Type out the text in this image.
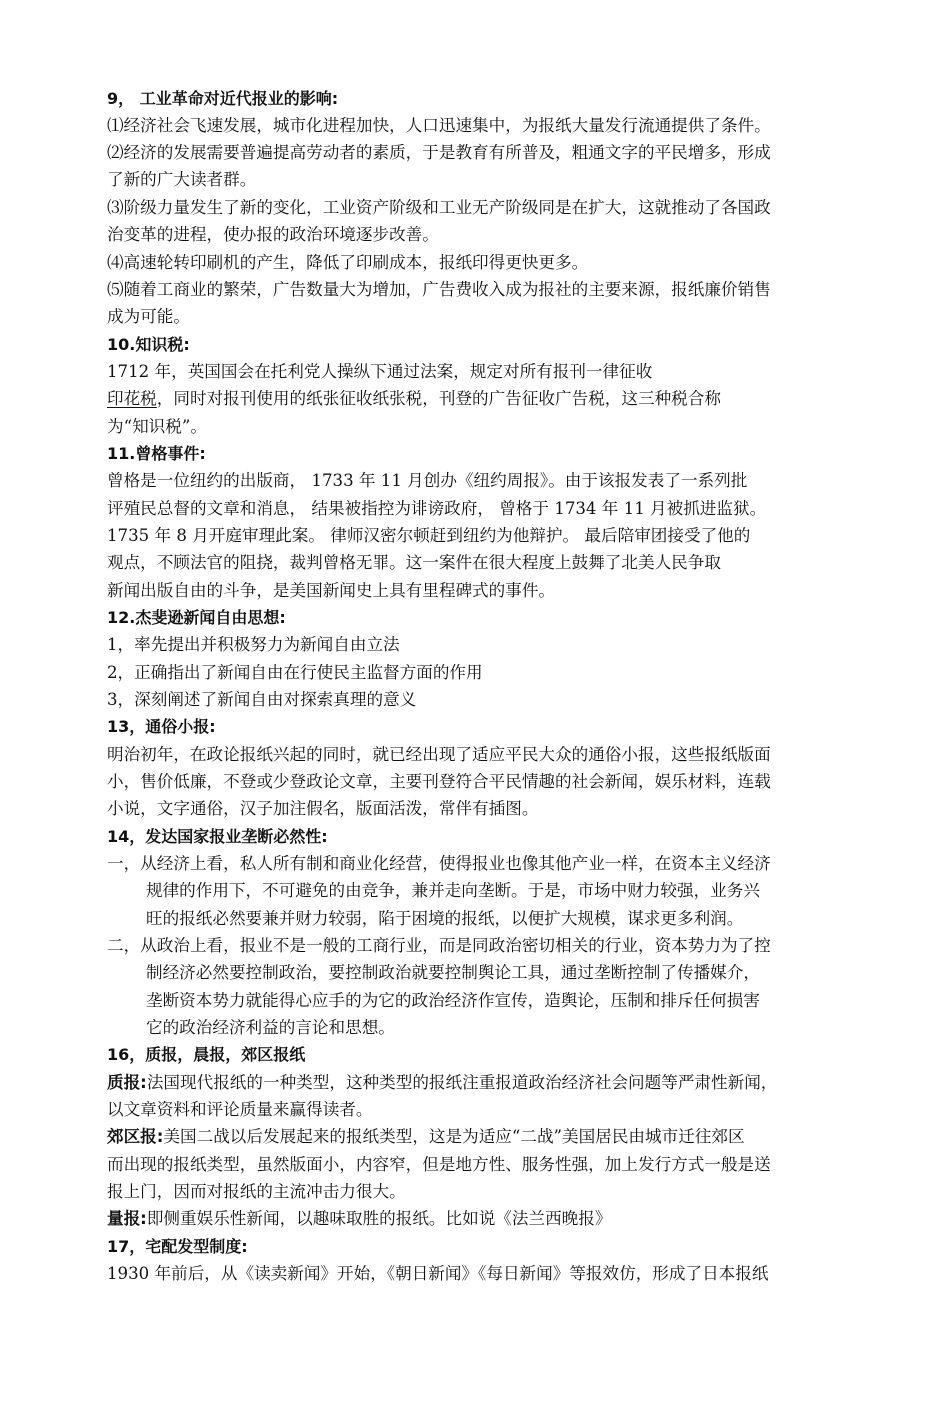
9， 工业革命对近代报业的影响:
⑴经济社会飞速发展，城市化进程加快，人口迅速集中，为报纸大量发行流通提供了条件。
⑵经济的发展需要普遍提高劳动者的素质，于是教育有所普及，粗通文字的平民增多，形成
了新的广大读者群。
⑶阶级力量发生了新的变化，工业资产阶级和工业无产阶级同是在扩大，这就推动了各国政
治变革的进程，使办报的政治环境逐步改善。
⑷高速轮转印刷机的产生，降低了印刷成本，报纸印得更快更多。
⑸随着工商业的繁荣，广告数量大为增加，广告费收入成为报社的主要来源，报纸廉价销售
成为可能。
10.知识税:
1712 年，英国国会在托利党人操纵下通过法案，规定对所有报刊一律征收
印花税，同时对报刊使用的纸张征收纸张税，刊登的广告征收广告税，这三种税合称
为“知识税”。
11.曾格事件:
曾格是一位纽约的出版商， 1733 年 11 月创办《纽约周报》。由于该报发表了一系列批
评殖民总督的文章和消息， 结果被指控为诽谤政府， 曾格于 1734 年 11 月被抓进监狱。
1735 年 8 月开庭审理此案。 律师汉密尔顿赶到纽约为他辩护。 最后陪审团接受了他的
观点，不顾法官的阻挠，裁判曾格无罪。这一案件在很大程度上鼓舞了北美人民争取
新闻出版自由的斗争，是美国新闻史上具有里程碑式的事件。
12.杰斐逊新闻自由思想:
1，率先提出并积极努力为新闻自由立法
2，正确指出了新闻自由在行使民主监督方面的作用
3，深刻阐述了新闻自由对探索真理的意义
13，通俗小报:
明治初年，在政论报纸兴起的同时，就已经出现了适应平民大众的通俗小报，这些报纸版面
小，售价低廉，不登或少登政论文章，主要刊登符合平民情趣的社会新闻，娱乐材料，连载
小说，文字通俗，汉子加注假名，版面活泼，常伴有插图。
14，发达国家报业垄断必然性:
一，从经济上看，私人所有制和商业化经营，使得报业也像其他产业一样，在资本主义经济
规律的作用下，不可避免的由竞争，兼并走向垄断。于是，市场中财力较强，业务兴
旺的报纸必然要兼并财力较弱，陷于困境的报纸，以便扩大规模，谋求更多利润。
二，从政治上看，报业不是一般的工商行业，而是同政治密切相关的行业，资本势力为了控
制经济必然要控制政治，要控制政治就要控制舆论工具，通过垄断控制了传播媒介，
垄断资本势力就能得心应手的为它的政治经济作宣传，造舆论，压制和排斥任何损害
它的政治经济利益的言论和思想。
16，质报，晨报，郊区报纸
质报:法国现代报纸的一种类型，这种类型的报纸注重报道政治经济社会问题等严肃性新闻，
以文章资料和评论质量来赢得读者。
郊区报:美国二战以后发展起来的报纸类型，这是为适应“二战”美国居民由城市迁往郊区
而出现的报纸类型，虽然版面小，内容窄，但是地方性、服务性强，加上发行方式一般是送
报上门，因而对报纸的主流冲击力很大。
量报:即侧重娱乐性新闻，以趣味取胜的报纸。比如说《法兰西晚报》
17，宅配发型制度:
1930 年前后，从《读卖新闻》开始，《朝日新闻》《每日新闻》等报效仿，形成了日本报纸
